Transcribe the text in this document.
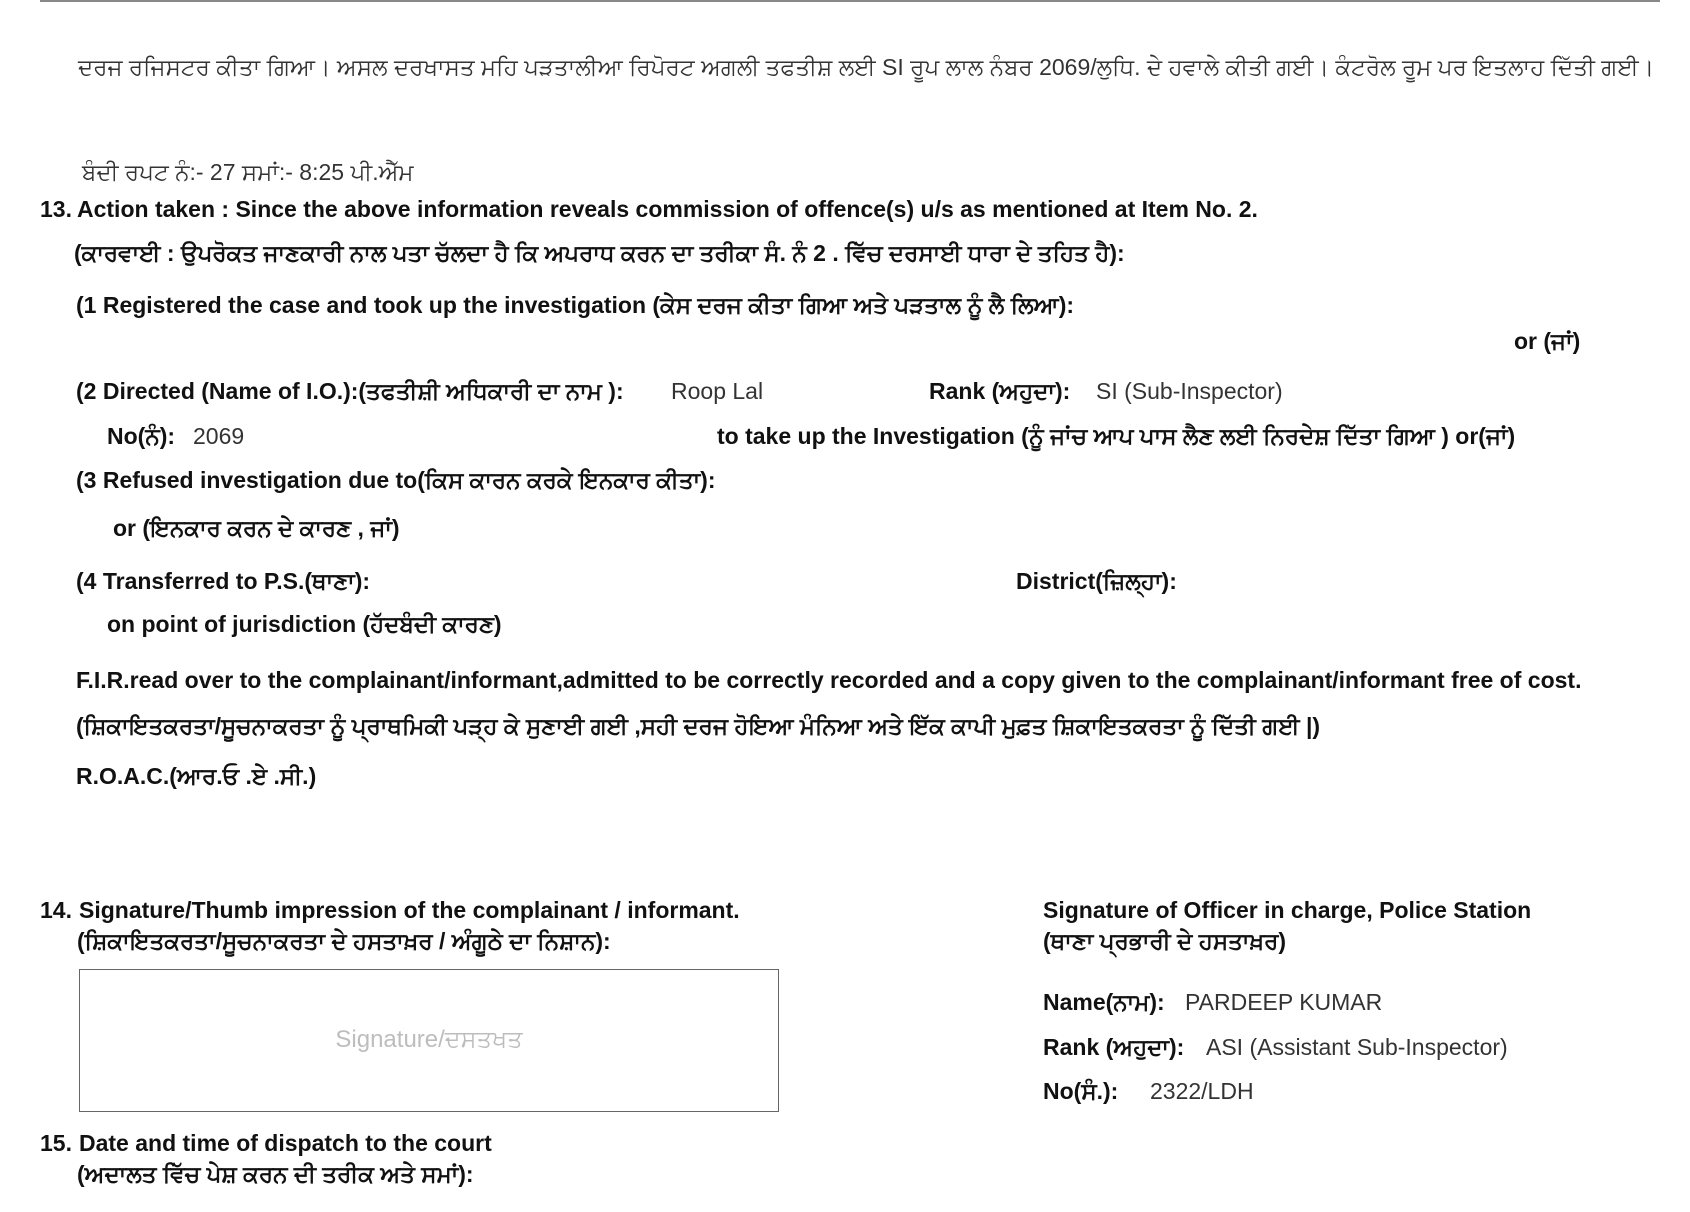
ਦਰਜ ਰਜਿਸਟਰ ਕੀਤਾ ਗਿਆ। ਅਸਲ ਦਰਖਾਸਤ ਮਹਿ ਪੜਤਾਲੀਆ ਰਿਪੋਰਟ ਅਗਲੀ ਤਫਤੀਸ਼ ਲਈ SI ਰੂਪ ਲਾਲ ਨੰਬਰ 2069/ਲੁਧਿ. ਦੇ ਹਵਾਲੇ ਕੀਤੀ ਗਈ। ਕੰਟਰੋਲ ਰੂਮ ਪਰ ਇਤਲਾਹ ਦਿੱਤੀ ਗਈ।
ਬੰਦੀ ਰਪਟ ਨੰ:- 27 ਸਮਾਂ:- 8:25 ਪੀ.ਐੱਮ
13. Action taken : Since the above information reveals commission of offence(s) u/s as mentioned at Item No. 2.
(ਕਾਰਵਾਈ : ਉਪਰੋਕਤ ਜਾਣਕਾਰੀ ਨਾਲ ਪਤਾ ਚੱਲਦਾ ਹੈ ਕਿ ਅਪਰਾਧ ਕਰਨ ਦਾ ਤਰੀਕਾ ਸੰ. ਨੰ 2 . ਵਿੱਚ ਦਰਸਾਈ ਧਾਰਾ ਦੇ ਤਹਿਤ ਹੈ):
(1 Registered the case and took up the investigation (ਕੇਸ ਦਰਜ ਕੀਤਾ ਗਿਆ ਅਤੇ ਪੜਤਾਲ ਨੂੰ ਲੈ ਲਿਆ):
or (ਜਾਂ)
(2 Directed (Name of I.O.):(ਤਫਤੀਸ਼ੀ ਅਧਿਕਾਰੀ ਦਾ ਨਾਮ ): Roop Lal	Rank (ਅਹੁਦਾ): SI (Sub-Inspector)
No(ਨੰ): 2069	to take up the Investigation (ਨੂੰ ਜਾਂਚ ਆਪ ਪਾਸ ਲੈਣ ਲਈ ਨਿਰਦੇਸ਼ ਦਿੱਤਾ ਗਿਆ ) or(ਜਾਂ)
(3 Refused investigation due to(ਕਿਸ ਕਾਰਨ ਕਰਕੇ ਇਨਕਾਰ ਕੀਤਾ):
or (ਇਨਕਾਰ ਕਰਨ ਦੇ ਕਾਰਣ , ਜਾਂ)
(4 Transferred to P.S.(ਥਾਣਾ):	District(ਜ਼ਿਲ੍ਹਾ):
on point of jurisdiction (ਹੱਦਬੰਦੀ ਕਾਰਣ)
F.I.R.read over to the complainant/informant,admitted to be correctly recorded and a copy given to the complainant/informant free of cost.
(ਸ਼ਿਕਾਇਤਕਰਤਾ/ਸੂਚਨਾਕਰਤਾ ਨੂੰ ਪ੍ਰਾਥਮਿਕੀ ਪੜ੍ਹ ਕੇ ਸੁਣਾਈ ਗਈ ,ਸਹੀ ਦਰਜ ਹੋਇਆ ਮੰਨਿਆ ਅਤੇ ਇੱਕ ਕਾਪੀ ਮੁਫ਼ਤ ਸ਼ਿਕਾਇਤਕਰਤਾ ਨੂੰ ਦਿੱਤੀ ਗਈ |)
R.O.A.C.(ਆਰ.ਓ .ਏ .ਸੀ.)
14. Signature/Thumb impression of the complainant / informant.
(ਸ਼ਿਕਾਇਤਕਰਤਾ/ਸੂਚਨਾਕਰਤਾ ਦੇ ਹਸਤਾਖ਼ਰ / ਅੰਗੂਠੇ ਦਾ ਨਿਸ਼ਾਨ):
Signature/ਦਸਤਖਤ
Signature of Officer in charge, Police Station
(ਥਾਣਾ ਪ੍ਰਭਾਰੀ ਦੇ ਹਸਤਾਖ਼ਰ)
Name(ਨਾਮ): PARDEEP KUMAR
Rank (ਅਹੁਦਾ): ASI (Assistant Sub-Inspector)
No(ਸੰ.): 2322/LDH
15. Date and time of dispatch to the court
(ਅਦਾਲਤ ਵਿੱਚ ਪੇਸ਼ ਕਰਨ ਦੀ ਤਰੀਕ ਅਤੇ ਸਮਾਂ):
